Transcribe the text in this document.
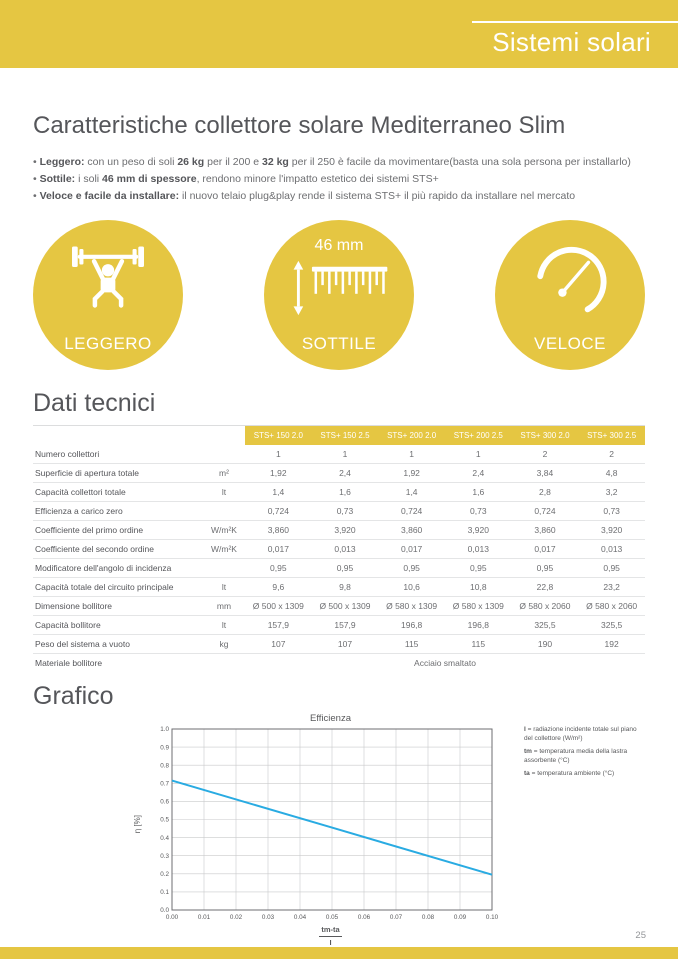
Sistemi solari
Caratteristiche collettore solare Mediterraneo Slim
• Leggero: con un peso di soli 26 kg per il 200 e 32 kg per il 250 è facile da movimentare(basta una sola persona per installarlo)
• Sottile: i soli 46 mm di spessore, rendono minore l'impatto estetico dei sistemi STS+
• Veloce e facile da installare: il nuovo telaio plug&play rende il sistema STS+ il più rapido da installare nel mercato
LEGGERO
46 mm
SOTTILE	VELOCE
Dati tecnici
		STS+ 150 2.0	STS+ 150 2.5	STS+ 200 2.0	STS+ 200 2.5	STS+ 300 2.0	STS+ 300 2.5
Numero collettori		1	1	1	1	2	2
Superficie di apertura totale	m²	1,92	2,4	1,92	2,4	3,84	4,8
Capacità collettori totale	lt	1,4	1,6	1,4	1,6	2,8	3,2
Efficienza a carico zero		0,724	0,73	0,724	0,73	0,724	0,73
Coefficiente del primo ordine	W/m²K	3,860	3,920	3,860	3,920	3,860	3,920
Coefficiente del secondo ordine	W/m²K	0,017	0,013	0,017	0,013	0,017	0,013
Modificatore dell'angolo di incidenza		0,95	0,95	0,95	0,95	0,95	0,95
Capacità totale del circuito principale	lt	9,6	9,8	10,6	10,8	22,8	23,2
Dimensione bollitore	mm	Ø 500 x 1309	Ø 500 x 1309	Ø 580 x 1309	Ø 580 x 1309	Ø 580 x 2060	Ø 580 x 2060
Capacità bollitore	lt	157,9	157,9	196,8	196,8	325,5	325,5
Peso del sistema a vuoto	kg	107	107	115	115	190	192
Materiale bollitore		Acciaio smaltato					
Grafico
Efficienza
η [%]
0.00	0.01	0.02	0.03	0.04	0.05	0.06	0.07	0.08	0.09	0.10
0.0
0.1
0.2
0.3
0.4
0.5
0.6
0.7
0.8
0.9
1.0
$\frac{tm-ta}{I}$

I = radiazione incidente totale sul piano del collettore (W/m²)

tm = temperatura media della lastra assorbente (°C)

ta = temperatura ambiente (°C)

25
